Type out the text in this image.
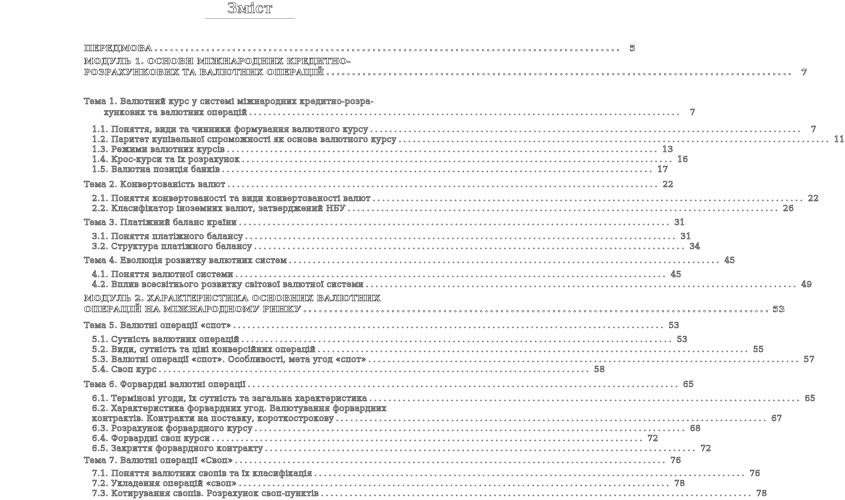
Зміст
ПЕРЕДМОВА .......................................................................................... 5
МОДУЛЬ 1. ОСНОВИ МІЖНАРОДНИХ КРЕДИТНО-
РОЗРАХУНКОВИХ ТА ВАЛЮТНИХ ОПЕРАЦІЙ .......................................................................................... 7
Тема 1. Валютний курс у системі міжнародних кредитно-розра-
хункових та валютних операцій ..........................................................................................	7
1.1. Поняття, види та чинники формування валютного курсу ..........................................................................................	7
1.2. Паритет купівельної спроможності як основа валютного курсу .......................................................................................... 11
1.3. Режими валютних курсів .......................................................................................... 13
1.4. Крос-курси та їх розрахунок .......................................................................................... 16
1.5. Валютна позиція банків .......................................................................................... 17
Тема 2. Конвертованість валют .......................................................................................... 22
2.1. Поняття конвертованості та види конвертованості валют .......................................................................................... 22
2.2. Класифікатор іноземних валют, затверджений НБУ .......................................................................................... 26
Тема 3. Платіжний баланс країни .......................................................................................... 31
3.1. Поняття платіжного балансу .......................................................................................... 31
3.2. Структура платіжного балансу .......................................................................................... 34
Тема 4. Еволюція розвитку валютних систем .......................................................................................... 45
4.1. Поняття валютної системи .......................................................................................... 45
4.2. Вплив всесвітнього розвитку світової валютної системи .......................................................................................... 49
МОДУЛЬ 2. ХАРАКТЕРИСТИКА ОСНОВНИХ ВАЛЮТНИХ
ОПЕРАЦІЙ НА МІЖНАРОДНОМУ РИНКУ .......................................................................................... 53
Тема 5. Валютні операції «спот» .......................................................................................... 53
5.1. Сутність валютних операцій .......................................................................................... 53
5.2. Види, сутність та ціні конверсійних операцій .......................................................................................... 55
5.3. Валютні операції «спот». Особливості, мета угод «спот» .......................................................................................... 57
5.4. Своп курс .......................................................................................... 58
Тема 6. Форвардні валютні операції .......................................................................................... 65
6.1. Терміновi угоди, їх сутність та загальна характеристика .......................................................................................... 65
6.2. Характеристика форвардних угод. Валютування форвардних
контрактів. Контракти на поставку, короткострокову .......................................................................................... 67
6.3. Розрахунок форвардного курсу .......................................................................................... 68
6.4. Форвардні своп курси .......................................................................................... 72
6.5. Закриття форвардного контракту .......................................................................................... 72
Тема 7. Валютні операції «Своп» .......................................................................................... 76
7.1. Поняття валютних свопів та їх класифікація .......................................................................................... 76
7.2. Укладення операцій «своп» .......................................................................................... 78
7.3. Котирування свопів. Розрахунок своп-пунктів .......................................................................................... 78
